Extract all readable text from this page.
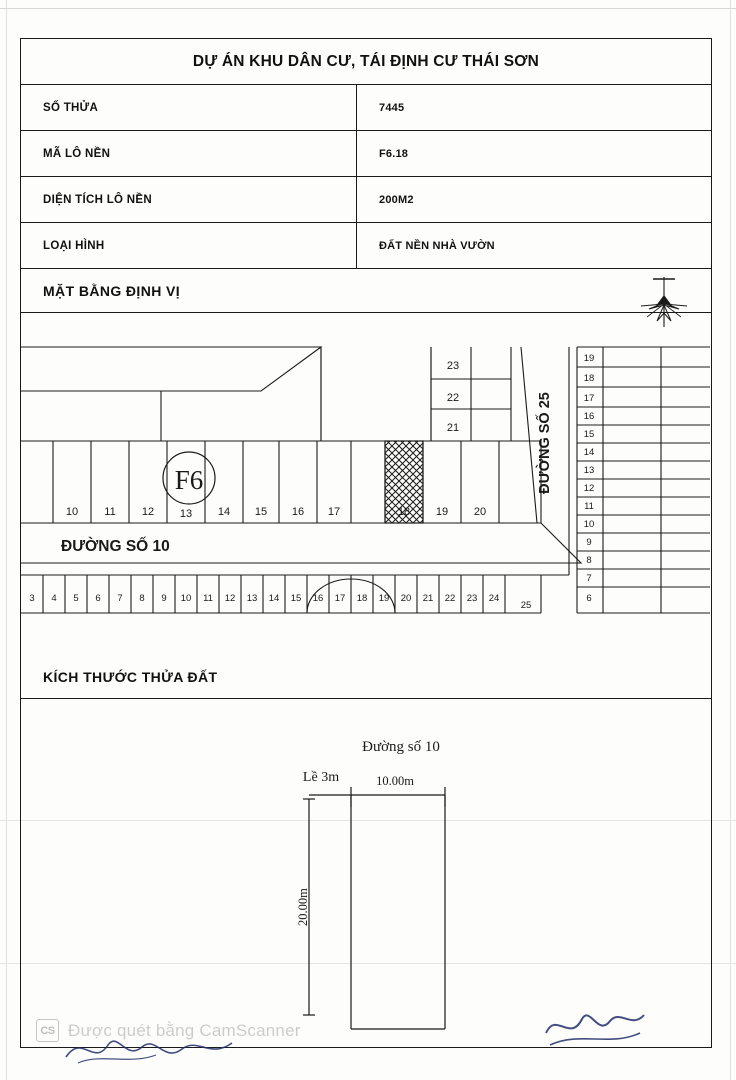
DỰ ÁN KHU DÂN CƯ, TÁI ĐỊNH CƯ THÁI SƠN
SỐ THỬA	7445
MÃ LÔ NỀN	F6.18
DIỆN TÍCH LÔ NỀN	200M2
LOẠI HÌNH	ĐẤT NỀN NHÀ VƯỜN
MẶT BẰNG ĐỊNH VỊ
F6
10 11 12 13 14 15 16 17	18 19 20
23
22
21
3 4 5 6 7 8 9 10 11 12 13 14 15 16 17 18 19 20 21 22 23 24
25
19
18
17
16
15
14
13
12
11
10
9
8
7
6
ĐƯỜNG SỐ 25
ĐƯỜNG SỐ 10
KÍCH THƯỚC THỬA ĐẤT
Đường số 10
10.00m
Lề 3m
20.00m
CS Được quét bằng CamScanner
